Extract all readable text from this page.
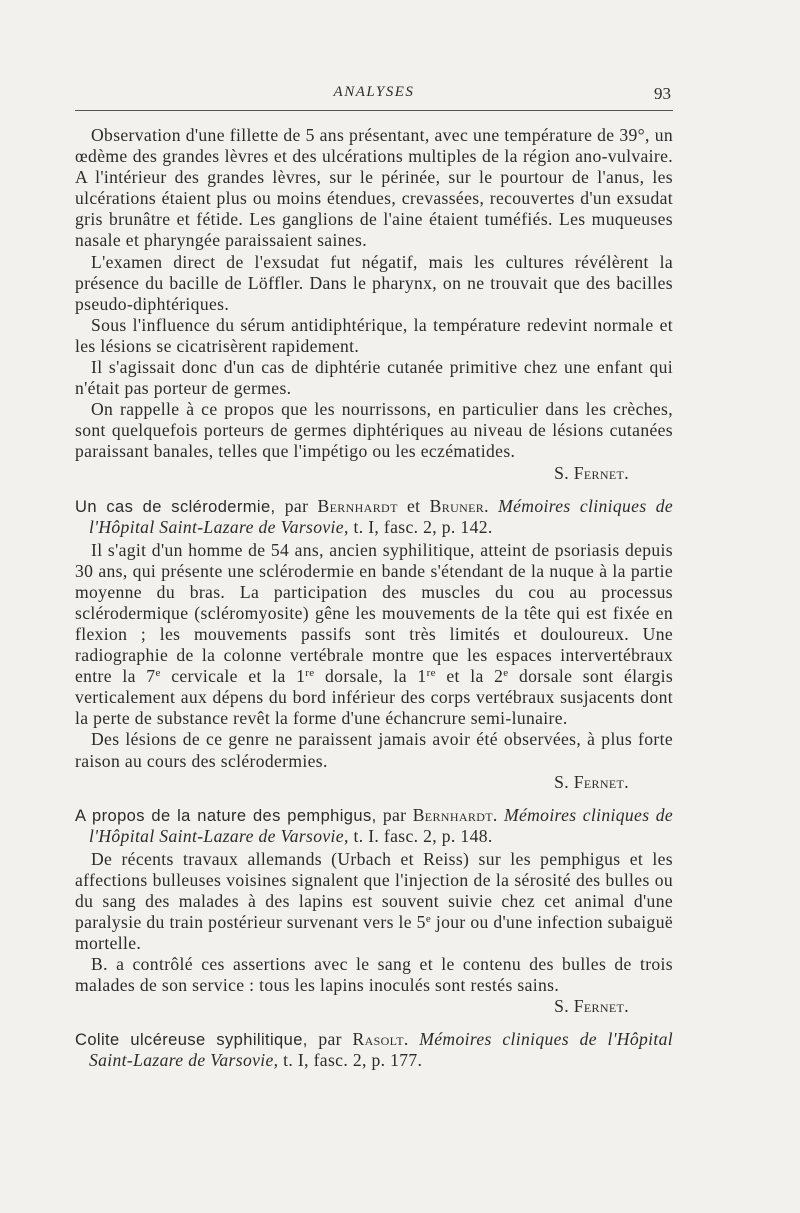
ANALYSES	93

Observation d'une fillette de 5 ans présentant, avec une température de 39°, un œdème des grandes lèvres et des ulcérations multiples de la région ano-vulvaire. A l'intérieur des grandes lèvres, sur le périnée, sur le pourtour de l'anus, les ulcérations étaient plus ou moins étendues, crevassées, recouvertes d'un exsudat gris brunâtre et fétide. Les ganglions de l'aine étaient tuméfiés. Les muqueuses nasale et pharyngée paraissaient saines.

L'examen direct de l'exsudat fut négatif, mais les cultures révélèrent la présence du bacille de Löffler. Dans le pharynx, on ne trouvait que des bacilles pseudo-diphtériques.

Sous l'influence du sérum antidiphtérique, la température redevint normale et les lésions se cicatrisèrent rapidement.

Il s'agissait donc d'un cas de diphtérie cutanée primitive chez une enfant qui n'était pas porteur de germes.

On rappelle à ce propos que les nourrissons, en particulier dans les crèches, sont quelquefois porteurs de germes diphtériques au niveau de lésions cutanées paraissant banales, telles que l'impétigo ou les eczématides.

S. Fernet.
Un cas de sclérodermie, par Bernhardt et Bruner. Mémoires cliniques de l'Hôpital Saint-Lazare de Varsovie, t. I, fasc. 2, p. 142.

Il s'agit d'un homme de 54 ans, ancien syphilitique, atteint de psoriasis depuis 30 ans, qui présente une sclérodermie en bande s'étendant de la nuque à la partie moyenne du bras. La participation des muscles du cou au processus sclérodermique (scléromyosite) gêne les mouvements de la tête qui est fixée en flexion ; les mouvements passifs sont très limités et douloureux. Une radiographie de la colonne vertébrale montre que les espaces intervertébraux entre la 7e cervicale et la 1re dorsale, la 1re et la 2e dorsale sont élargis verticalement aux dépens du bord inférieur des corps vertébraux susjacents dont la perte de substance revêt la forme d'une échancrure semi-lunaire.

Des lésions de ce genre ne paraissent jamais avoir été observées, à plus forte raison au cours des sclérodermies.

S. Fernet.
A propos de la nature des pemphigus, par Bernhardt. Mémoires cliniques de l'Hôpital Saint-Lazare de Varsovie, t. I. fasc. 2, p. 148.

De récents travaux allemands (Urbach et Reiss) sur les pemphigus et les affections bulleuses voisines signalent que l'injection de la sérosité des bulles ou du sang des malades à des lapins est souvent suivie chez cet animal d'une paralysie du train postérieur survenant vers le 5e jour ou d'une infection subaiguë mortelle.

B. a contrôlé ces assertions avec le sang et le contenu des bulles de trois malades de son service : tous les lapins inoculés sont restés sains.

S. Fernet.
Colite ulcéreuse syphilitique, par Rasolt. Mémoires cliniques de l'Hôpital Saint-Lazare de Varsovie, t. I, fasc. 2, p. 177.
